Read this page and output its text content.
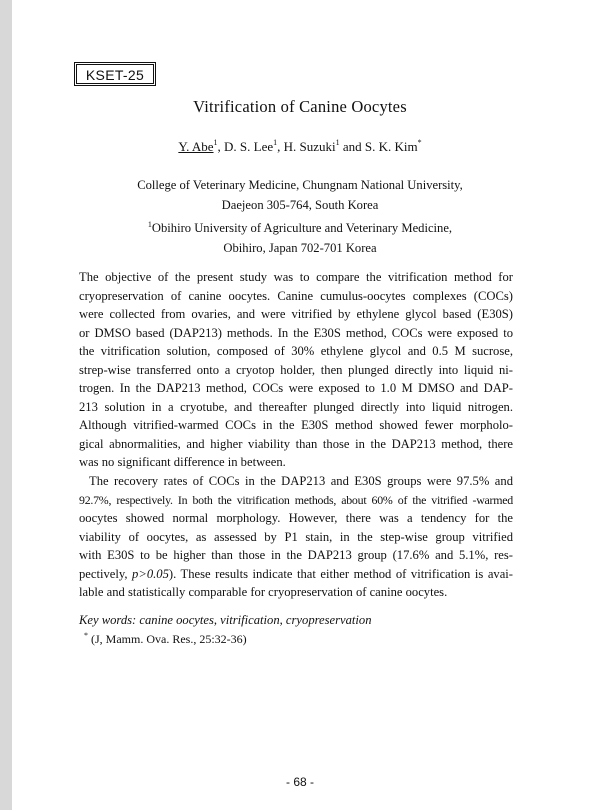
KSET-25
Vitrification of Canine Oocytes
Y. Abe$^1$, D. S. Lee$^1$, H. Suzuki$^1$ and S. K. Kim*
College of Veterinary Medicine, Chungnam National University,
Daejeon 305-764, South Korea
$^1$Obihiro University of Agriculture and Veterinary Medicine,
Obihiro, Japan 702-701 Korea
The objective of the present study was to compare the vitrification method for
cryopreservation of canine oocytes. Canine cumulus-oocytes complexes (COCs)
were collected from ovaries, and were vitrified by ethylene glycol based (E30S)
or DMSO based (DAP213) methods. In the E30S method, COCs were exposed to
the vitrification solution, composed of 30% ethylene glycol and 0.5 M sucrose,
strep-wise transferred onto a cryotop holder, then plunged directly into liquid ni-
trogen. In the DAP213 method, COCs were exposed to 1.0 M DMSO and DAP-
213 solution in a cryotube, and thereafter plunged directly into liquid nitrogen.
Although vitrified-warmed COCs in the E30S method showed fewer morpholo-
gical abnormalities, and higher viability than those in the DAP213 method, there
was no significant difference in between.
The recovery rates of COCs in the DAP213 and E30S groups were 97.5% and
92.7%, respectively. In both the vitrification methods, about 60% of the vitrified -warmed
oocytes showed normal morphology. However, there was a tendency for the
viability of oocytes, as assessed by P1 stain, in the step-wise group vitrified
with E30S to be higher than those in the DAP213 group (17.6% and 5.1%, res-
pectively, p>0.05). These results indicate that either method of vitrification is avai-
lable and statistically comparable for cryopreservation of canine oocytes.
Key words: canine oocytes, vitrification, cryopreservation
* (J, Mamm. Ova. Res., 25:32-36)
- 68 -
